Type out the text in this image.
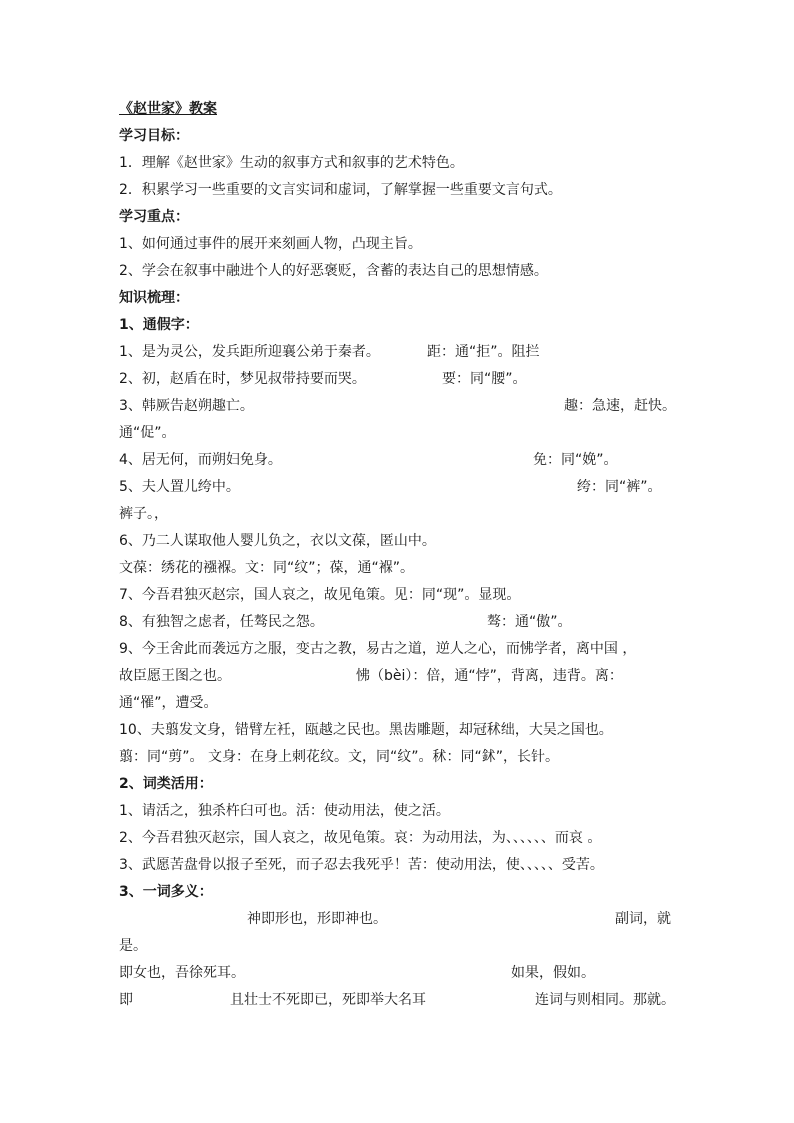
《赵世家》教案
学习目标：
1．理解《赵世家》生动的叙事方式和叙事的艺术特色。
2．积累学习一些重要的文言实词和虚词，了解掌握一些重要文言句式。
学习重点：
1、如何通过事件的展开来刻画人物，凸现主旨。
2、学会在叙事中融进个人的好恶褒贬，含蓄的表达自己的思想情感。
知识梳理：
1、通假字：
1、是为灵公，发兵距所迎襄公弟于秦者。	距：通“拒”。阻拦
2、初，赵盾在时，梦见叔带持要而哭。	要：同“腰”。
3、韩厥告赵朔趣亡。	趣：急速，赶快。
通“促”。
4、居无何，而朔妇免身。	免：同“娩”。
5、夫人置儿绔中。	绔：同“裤”。
裤子。，
6、乃二人谋取他人婴儿负之，衣以文葆，匿山中。
文葆：绣花的襁褓。文：同“纹”；葆，通“褓”。
7、今吾君独灭赵宗，国人哀之，故见龟策。见：同“现”。显现。
8、有独智之虑者，任骜民之怨。	骜：通“傲”。
9、今王舍此而袭远方之服，变古之教，易古之道，逆人之心，而怫学者，离中国 ，
故臣愿王图之也。	怫（bèi）：倍，通“悖”，背离，违背。离：
通“罹”，遭受。
10、夫翦发文身，错臂左衽，瓯越之民也。黑齿雕题，却冠秫绌，大吴之国也。
翦：同“剪”。 文身：在身上刺花纹。文，同“纹”。秫：同“鉥”，长针。
2、词类活用：
1、请活之，独杀杵臼可也。活：使动用法，使之活。
2、今吾君独灭赵宗，国人哀之，故见龟策。哀：为动用法，为、、、、、、而哀 。
3、武愿苦盘骨以报子至死，而子忍去我死乎！苦：使动用法，使、、、、、受苦。
3、一词多义：
神即形也，形即神也。	副词，就
是。
即女也，吾徐死耳。	如果，假如。
即	且壮士不死即已，死即举大名耳	连词与则相同。那就。
